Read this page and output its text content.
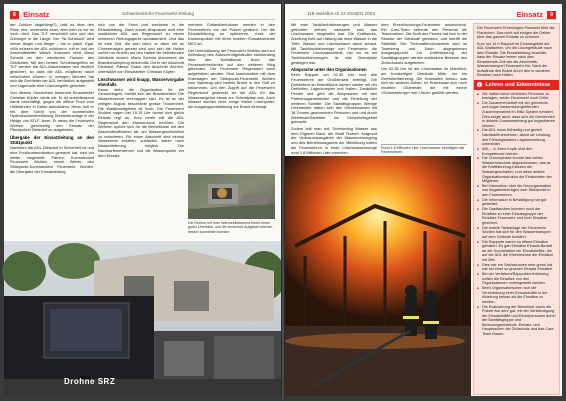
8 Einsatz	Schweizerische Feuerwehr-Zeitung

der Zuhörer abgehängt?), hallt es über den Platz, ehe, unbemerkt einer, aber kein zu vor es noch nicht. Das TLF verschiebt sich und den Zubringer in die Länge. Der "Nr-Schlauch" wird immer länger und länger – bis er platzt. Egal. «Wir müssen die ADL schützen», ruft er und der Abschnittsleiter Wehrli. Indessen setzt Mario Schmid an den westlichen Flanken des Gebäudes. Mit den beiden Schnellangriffen an TLF werden die ADL-Maschinisten neu deutlich gesichert, so dass die ADL möglichst rasch verschoben können. In wenigen Minuten hat sich die Drehleiter der ADL behördlich aufgestellt und Lagerhalle eine Löschangriffe gesichert.

Von diesem Geschehen bekommt Einsatzleiter Christian Küpfer nichts mit. Er ist anschliessend damit beschäftigt, gegen die offene Front vom Haltefahrten in Daten aufzuklären. Hinzu holt er mit dem Gerät von der kommenden Hydrodruckunterstützung Drehleiteranlage in der Hedge von ATLF Jener. Er weiss die Feuerwehr Wohlen, gleichzeitig den Einsatz der Pikettpolizei Dielsdorf zu aufgeboten.

Übergabe der Einsatzleitung an den Stützpunkt

Nachdem die ADL Dielsdorf in Sicherheit ist und eine Funkkommunikation gemacht hat, wird vor weiter umgestellt: Patrice, Kommandant Feuerwehr Wohlen, nimmt Weber, den Stützpunkt-Kommandant Feuerwehr Wohlen, die Übergabe der Einsatzleitung.

sich von der Front und wechseln in die Einsatzleitung. Nach kurzer Absprache wird eine zusätzliche ADL aus Regensdorf zu einem schweren Rettungsgerät nachalarmiert. Und das ist eine Zeit, die sich lohnt, er dann mit an Chonsensigen gereist wird und sich die Hallen vorteil nur einzeln auf den Hallen die befindenden Gebäude sichert. Mario Schmid übernimmt die Brandbekämpfung Abschnitts Ost in der Abschnitt Dielsdorf, Patrice Grauk den Abschnitt Wohlen, unterstützt von Einsatzleiter Christian Küpfer.

Löschwasser wird knapp, Wasservorgabe ebenfalls

Kaum steht die Organisation für die Grossereignis, meldet sich der Brandmeister. Die Wasserreserve verknappen sich. Es ist an der zeitigen August beschränkt grosse Trockenheit, Die Waldbrandgefahr ist hoch. Die Feuerwehr Wohlen sagen bei 15.15 Uhr nimmt sich gleich Einsatz regt an. Kurz bereit will die ADL Regensdorf den Wasserdruck erhöhen. Die Wehrlen spricht sich für die Berichtkarte mit den Abschnittsoffizieren ab, um Wassergeschichtlich zu reduzieren. Für einen Abschnitt sind einmal Wasserorte erhalten, zusätzlich waren nach Wasserlieferung möglich. Die Nachbarfeuerwehren und die Wasserquelle vor dem Einsatz.

mehrere Einfamilienhäuser werden in den Feuerwehren vor der Polizei geräumt. Um die Einsatzführung so optimieren, rückt der Kantonspolizei mit ihren mobilen Einsatzzentrale MEZ an.

Der Unterstützung der Feuerwehr Wohlen sind zur Abfindung des Autoschrottgebäudes stundenlang über den Notfallkanal. Auch das Feuerwehrbehörden auf den weiteren Weg gebunden. Die Feuerwehr Regensdorf kann aufgehoben werden. Sind kommandiert mit dem Kranwagen der Stützpunkt-Feuerwehr Wohlen zum Nachtrag wird bereits Brand in den Griff zu bekommen. Um den Zugriff auf die Feuerwehr Regensdorf gestreckt an der ADL für das Wasserangebot etwas zur Schrottplatz aus. Auch Wasser wurden nicht einige Weise Löschpoller, die Ausgangspunktlösung zur Brand einbringt.

Die Drohne mit ihrer Wärmebildkamera bietet einen guten Überblick, und die senkrecht Aufgaben können besser koordiniert werden.
Drohne SRZ
118 swissfire.ch 12 2022|01 2023	Einsatz 9

Mit zwei Tanklöschfahrzeugen und Wasser geführten stehen, nachdem sich das Löschwasser eingeleitet war. Die Kraftwerks-Zuleitung floht auf Haltung als neue Wasser in die Tiefe. Wasser und Löschschaum durch schaut. Mit Tanklöschfahrzeuge von Feuerwehr: die Feuerwehr Löschwasserlimit, von wo es mit Tanklöschfahrzeugen ist das Brandplatz gestiegen war.

Absprache unter den Organisationen

Beim Rapport um 02.30 Uhr sind alle Feuerwehren am Großeinsatz beteiligt. Die Drehleitern an Brandfläche kamen wieder mit der Drehleiter, Lagerkomplex und Hallen. Zusätzlich Pendel und geht die Absprachen mit den Partnerorganisationen und die Einteilung der weiteren Schritte. Die Sanitätsgruppen Wenige Lehrmeister haben sich den Gemeinsamen mit 18 Tonnen gewonnenen Personen und und durch Wehrleute/Sanitäter ins Sicherheitsgebiet gebracht.

Zudem teilt man mit: Schmieding Wasser aus dem Eigenen Bach, die Stadt Teubert. Aufgrund der Verbrauchsangaben der Wasserversorgung und des Betriebsmagazins der Mitwirkung haben die Feuerwehren in einer Löschwassermenge rund 1,8 Millionen Liter erreichen.

dem Ehrenlöschungs-Feuerwehr ausreichend. Ein Cars-Team betreute den Personal die Teammarken. Die Kraft des Feuers hat sich in der Struktur der Gebäude gebrannt, und betrifft die Stabilität. Der Treinmatterschutzwerk wird im Tosenberg und Dach abgegebenen Ausgangspunkt. Zur Unterstützung der Sanitätsgruppen werden zusätzliche Betreuer des Zivilschutzes aufgeboten.

Um 02.35 Uhr ist der Löschstatus im Überblick: am frontseitigen Gebäude Mitte, ein ein Drehleiterfahrzeug. Die Kranhallen Anbau, was sich ein anderer Anbau. Im Ersteinsatz sich noch einzelne Glutnester, die mit einem «Schwebetrupp» wie «Tank» gekühlt werden.

Rund 1,8 Millionen Liter Löschwasser benötigten die Feuerwehren.
Die Feuerwehr Ehrenlingen-Pisewald führt die Flanschen. Das nicht auf einigen die Gelder über das ganzen Einsatz zu schonen.
Kurz vor 16 h Rapport im Einsatzgebiet der ADL Wallisellen, um die Löschgebäude nach dem Einsatz. Die Einsatzleitung beachtet, dass der Einsatz immer nach dem Einsatzende-Zeit wie die Abschnitts-Wassertransport Feuerwehr ein. Nach der Aufwände des Brand durch den in vorderen Einsätze noch Hallen.
i Lehren und Erkenntnisse
■ Wir hatten keine verletzten Personen zu beklagen, weder Feuerwehr noch Dritte.
■ Die Zusammenarbeit mit der gemeinde- und sogar kantonsübergreifenden Zusammenarbeit im Miliz-System bewährt. Dies zeigte auch, dass sich die Gemeinden in diesem Zusammenhang gut organisieren können.
■ Die ADL muss frühzeitig und gezielt Nachbarfeuerwehren, damit sie Leistung des Führungsstabes Lagebeurteilung unterstützt.
■ ADL – in Ihren Kopfe sind den Kompetenzen keinen.
■ Die Chronophase konnte fast neben Wassermaschine abgeschlossen, das ist die Kraftfahrzeug-Klassen die Wassergeschaden, und diese andere Organisationsstruktur die Eintauchten der Mitglieder.
■ Bei Information über die Neuorganisation von Abgabenbeträgen zum Stützpunkt in den Feuerwehren.
■ Die Information in Bewältigung hat gut gekleidet.
■ Die Gastfaschen konnten noch der Einsätze zu einer Einsatzgruppe der Einsätze Feuerwehr und ihrer Einsätze gesichert.
■ Die mobile Tankanlage der Feuerwehr Wohlen hat sich für den Wassertransport auf dem Gelände bewährt.
■ Die Rapporte waren zu offene Einsätze gehalten. Es gab Einsätze Einsatz-Bedarf an der Koordination der Einsatzkräfte, die auf der ADL die Erkenntnisse der Einsätze mit Zeit.
■ Dies war ein Sachschaden sehr gross hat wie bei einer so grossen Einsatz Einsätze.
■ Bei der Verfahren/Rapportdurchführung sollten die Einsätze von den Organisationen vorbeigestellt werden.
■ Beim Organisatorischen sich die Vereinbarung einer Einsatzkräfte in der Abteilung besser als die Einsätze zu werden.
■ Die Evakuierung der Bewohner durch die Polizei war sehr gut, mit der Verständigung der Einsatzkräfte und Einzelpersonen durch die Sanitätsgruppe und Betreuungsleistende, Einsatz- und Hauptsachen der Zivilschutz und das Care-Team Hasen.
